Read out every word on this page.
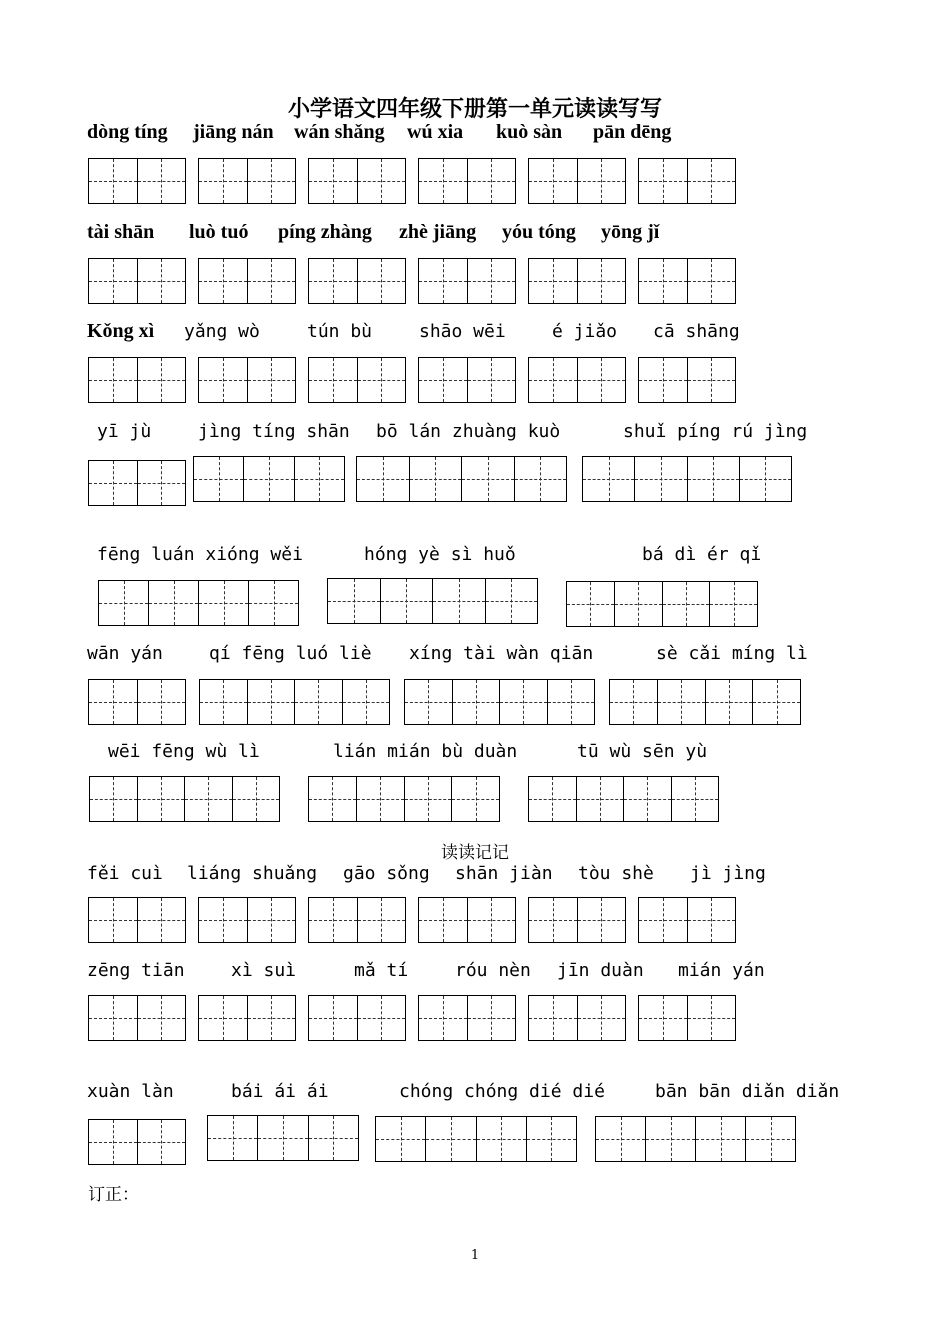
小学语文四年级下册第一单元读读写写
dòng tíng jiāng nán wán shǎng wú xia kuò sàn pān dēng
tài shān luò tuó píng zhàng zhè jiāng yóu tóng yōng jǐ
Kǒng xì yǎng wò	tún bù	shāo wēi	é jiǎo cā shāng
yī jù	jìng tíng shān bō lán zhuàng kuò	shuǐ píng rú jìng
fēng luán xióng wěi	hóng yè sì huǒ	bá dì ér qǐ
wān yán	qí fēng luó liè xíng tài wàn qiān	sè cǎi míng lì
wēi fēng wù lì	lián mián bù duàn	tū wù sēn yù
读读记记
fěi cuì liáng shuǎng gāo sǒng shān jiàn tòu shè jì jìng
zēng tiān	xì suì	mǎ tí	róu nèn jīn duàn mián yán
xuàn làn	bái ái ái	chóng chóng dié dié	bān bān diǎn diǎn
订正：
1
